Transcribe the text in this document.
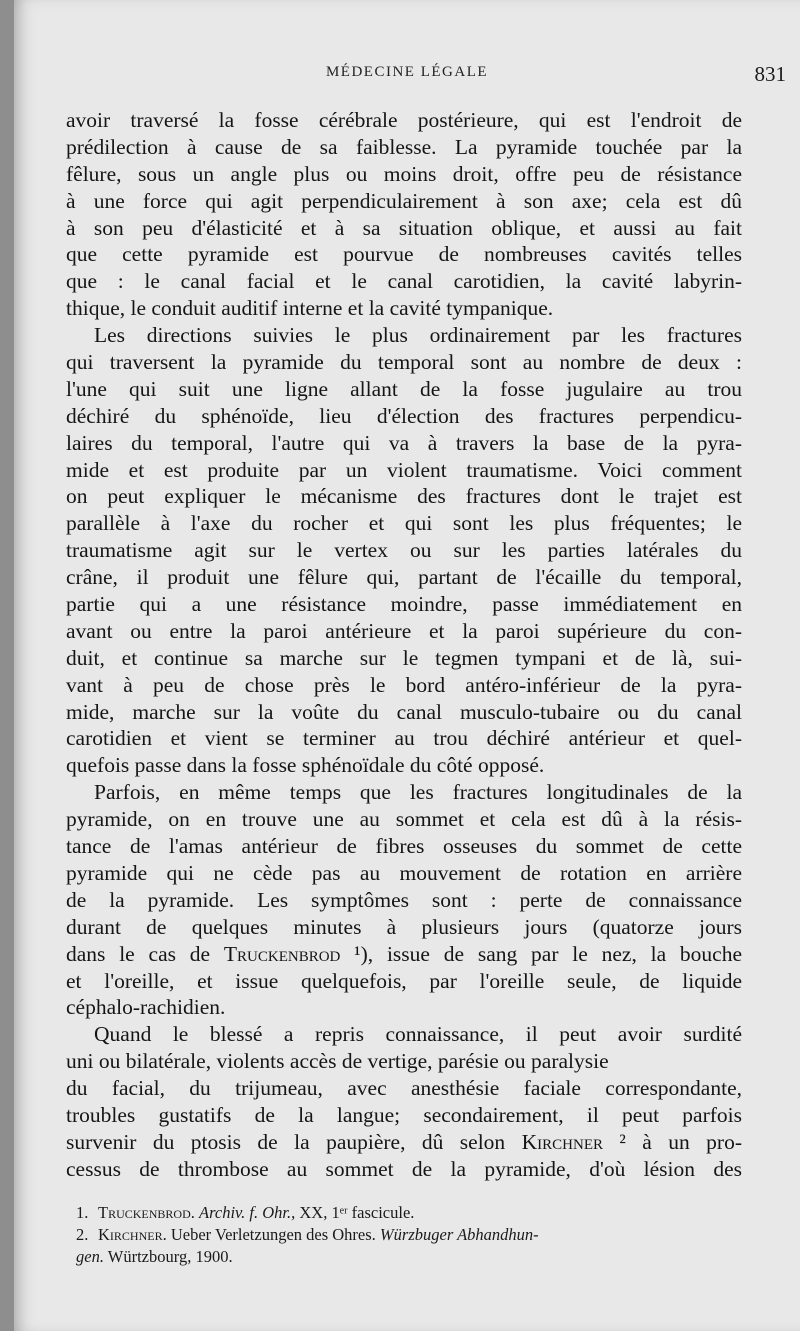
MÉDECINE LÉGALE	831
avoir traversé la fosse cérébrale postérieure, qui est l'endroit de
prédilection à cause de sa faiblesse. La pyramide touchée par la
fêlure, sous un angle plus ou moins droit, offre peu de résistance
à une force qui agit perpendiculairement à son axe; cela est dû
à son peu d'élasticité et à sa situation oblique, et aussi au fait
que cette pyramide est pourvue de nombreuses cavités telles
que : le canal facial et le canal carotidien, la cavité labyrin-
thique, le conduit auditif interne et la cavité tympanique.
Les directions suivies le plus ordinairement par les fractures
qui traversent la pyramide du temporal sont au nombre de deux :
l'une qui suit une ligne allant de la fosse jugulaire au trou
déchiré du sphénoïde, lieu d'élection des fractures perpendicu-
laires du temporal, l'autre qui va à travers la base de la pyra-
mide et est produite par un violent traumatisme. Voici comment
on peut expliquer le mécanisme des fractures dont le trajet est
parallèle à l'axe du rocher et qui sont les plus fréquentes; le
traumatisme agit sur le vertex ou sur les parties latérales du
crâne, il produit une fêlure qui, partant de l'écaille du temporal,
partie qui a une résistance moindre, passe immédiatement en
avant ou entre la paroi antérieure et la paroi supérieure du con-
duit, et continue sa marche sur le tegmen tympani et de là, sui-
vant à peu de chose près le bord antéro-inférieur de la pyra-
mide, marche sur la voûte du canal musculo-tubaire ou du canal
carotidien et vient se terminer au trou déchiré antérieur et quel-
quefois passe dans la fosse sphénoïdale du côté opposé.
Parfois, en même temps que les fractures longitudinales de la
pyramide, on en trouve une au sommet et cela est dû à la résis-
tance de l'amas antérieur de fibres osseuses du sommet de cette
pyramide qui ne cède pas au mouvement de rotation en arrière
de la pyramide. Les symptômes sont : perte de connaissance
durant de quelques minutes à plusieurs jours (quatorze jours
dans le cas de Truckenbrod ¹), issue de sang par le nez, la bouche
et l'oreille, et issue quelquefois, par l'oreille seule, de liquide
céphalo-rachidien.
Quand le blessé a repris connaissance, il peut avoir surdité
uni ou bilatérale, violents accès de vertige, parésie ou paralysie
du facial, du trijumeau, avec anesthésie faciale correspondante,
troubles gustatifs de la langue; secondairement, il peut parfois
survenir du ptosis de la paupière, dû selon Kirchner ² à un pro-
cessus de thrombose au sommet de la pyramide, d'où lésion des
1. Truckenbrod. Archiv. f. Ohr., XX, 1ᵉʳ fascicule.
2. Kirchner. Ueber Verletzungen des Ohres. Würzbuger Abhandhun-
gen. Würtzbourg, 1900.
